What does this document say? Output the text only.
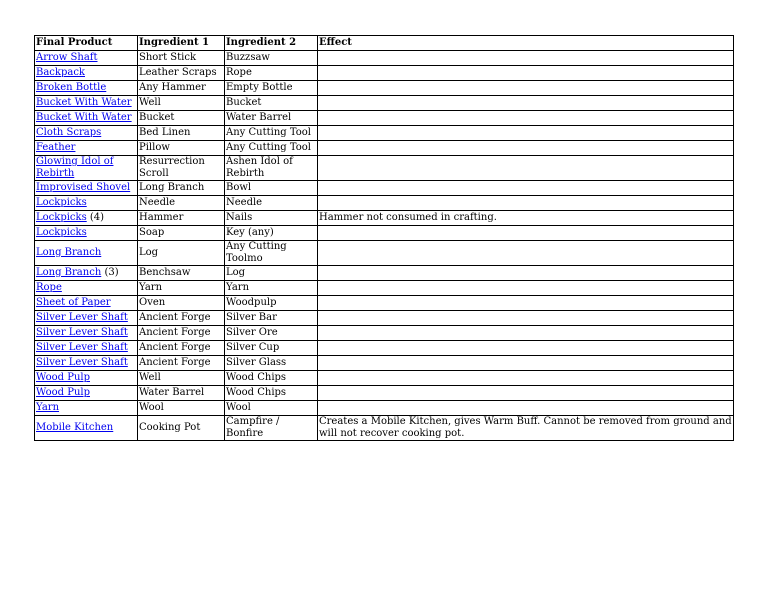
Final Product	Ingredient 1	Ingredient 2	Effect
Arrow Shaft	Short Stick	Buzzsaw	
Backpack	Leather Scraps	Rope	
Broken Bottle	Any Hammer	Empty Bottle	
Bucket With Water	Well	Bucket	
Bucket With Water	Bucket	Water Barrel	
Cloth Scraps	Bed Linen	Any Cutting Tool	
Feather	Pillow	Any Cutting Tool	
Glowing Idol of Rebirth	Resurrection Scroll	Ashen Idol of Rebirth	
Improvised Shovel	Long Branch	Bowl	
Lockpicks	Needle	Needle	
Lockpicks (4)	Hammer	Nails	Hammer not consumed in crafting.
Lockpicks	Soap	Key (any)	
Long Branch	Log	Any Cutting Toolmo	
Long Branch (3)	Benchsaw	Log	
Rope	Yarn	Yarn	
Sheet of Paper	Oven	Woodpulp	
Silver Lever Shaft	Ancient Forge	Silver Bar	
Silver Lever Shaft	Ancient Forge	Silver Ore	
Silver Lever Shaft	Ancient Forge	Silver Cup	
Silver Lever Shaft	Ancient Forge	Silver Glass	
Wood Pulp	Well	Wood Chips	
Wood Pulp	Water Barrel	Wood Chips	
Yarn	Wool	Wool	
Mobile Kitchen	Cooking Pot	Campfire / Bonfire	Creates a Mobile Kitchen, gives Warm Buff. Cannot be removed from ground and will not recover cooking pot.
